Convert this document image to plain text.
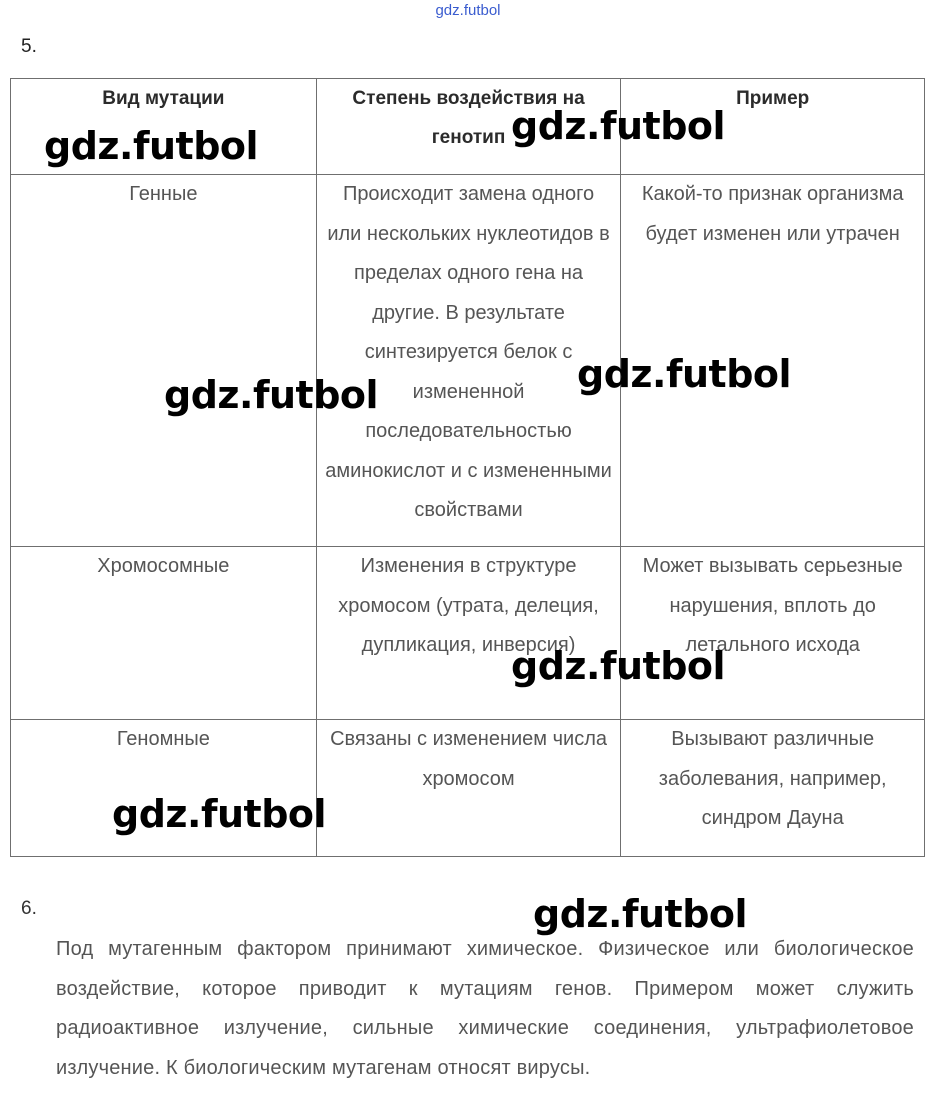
gdz.futbol
5.
Вид мутации	Степень воздействия на генотип	Пример
Генные	Происходит замена одного или нескольких нуклеотидов в пределах одного гена на другие. В результате синтезируется белок с измененной последовательностью аминокислот и с измененными свойствами	Какой-то признак организма будет изменен или утрачен
Хромосомные	Изменения в структуре хромосом (утрата, делеция, дупликация, инверсия)	Может вызывать серьезные нарушения, вплоть до летального исхода
Геномные	Связаны с изменением числа хромосом	Вызывают различные заболевания, например, синдром Дауна
6.
Под мутагенным фактором принимают химическое. Физическое или биологическое воздействие, которое приводит к мутациям генов. Примером может служить радиоактивное излучение, сильные химические соединения, ультрафиолетовое излучение. К биологическим мутагенам относят вирусы.
gdz.futbol	gdz.futbol
gdz.futbol	gdz.futbol
gdz.futbol
gdz.futbol
gdz.futbol
